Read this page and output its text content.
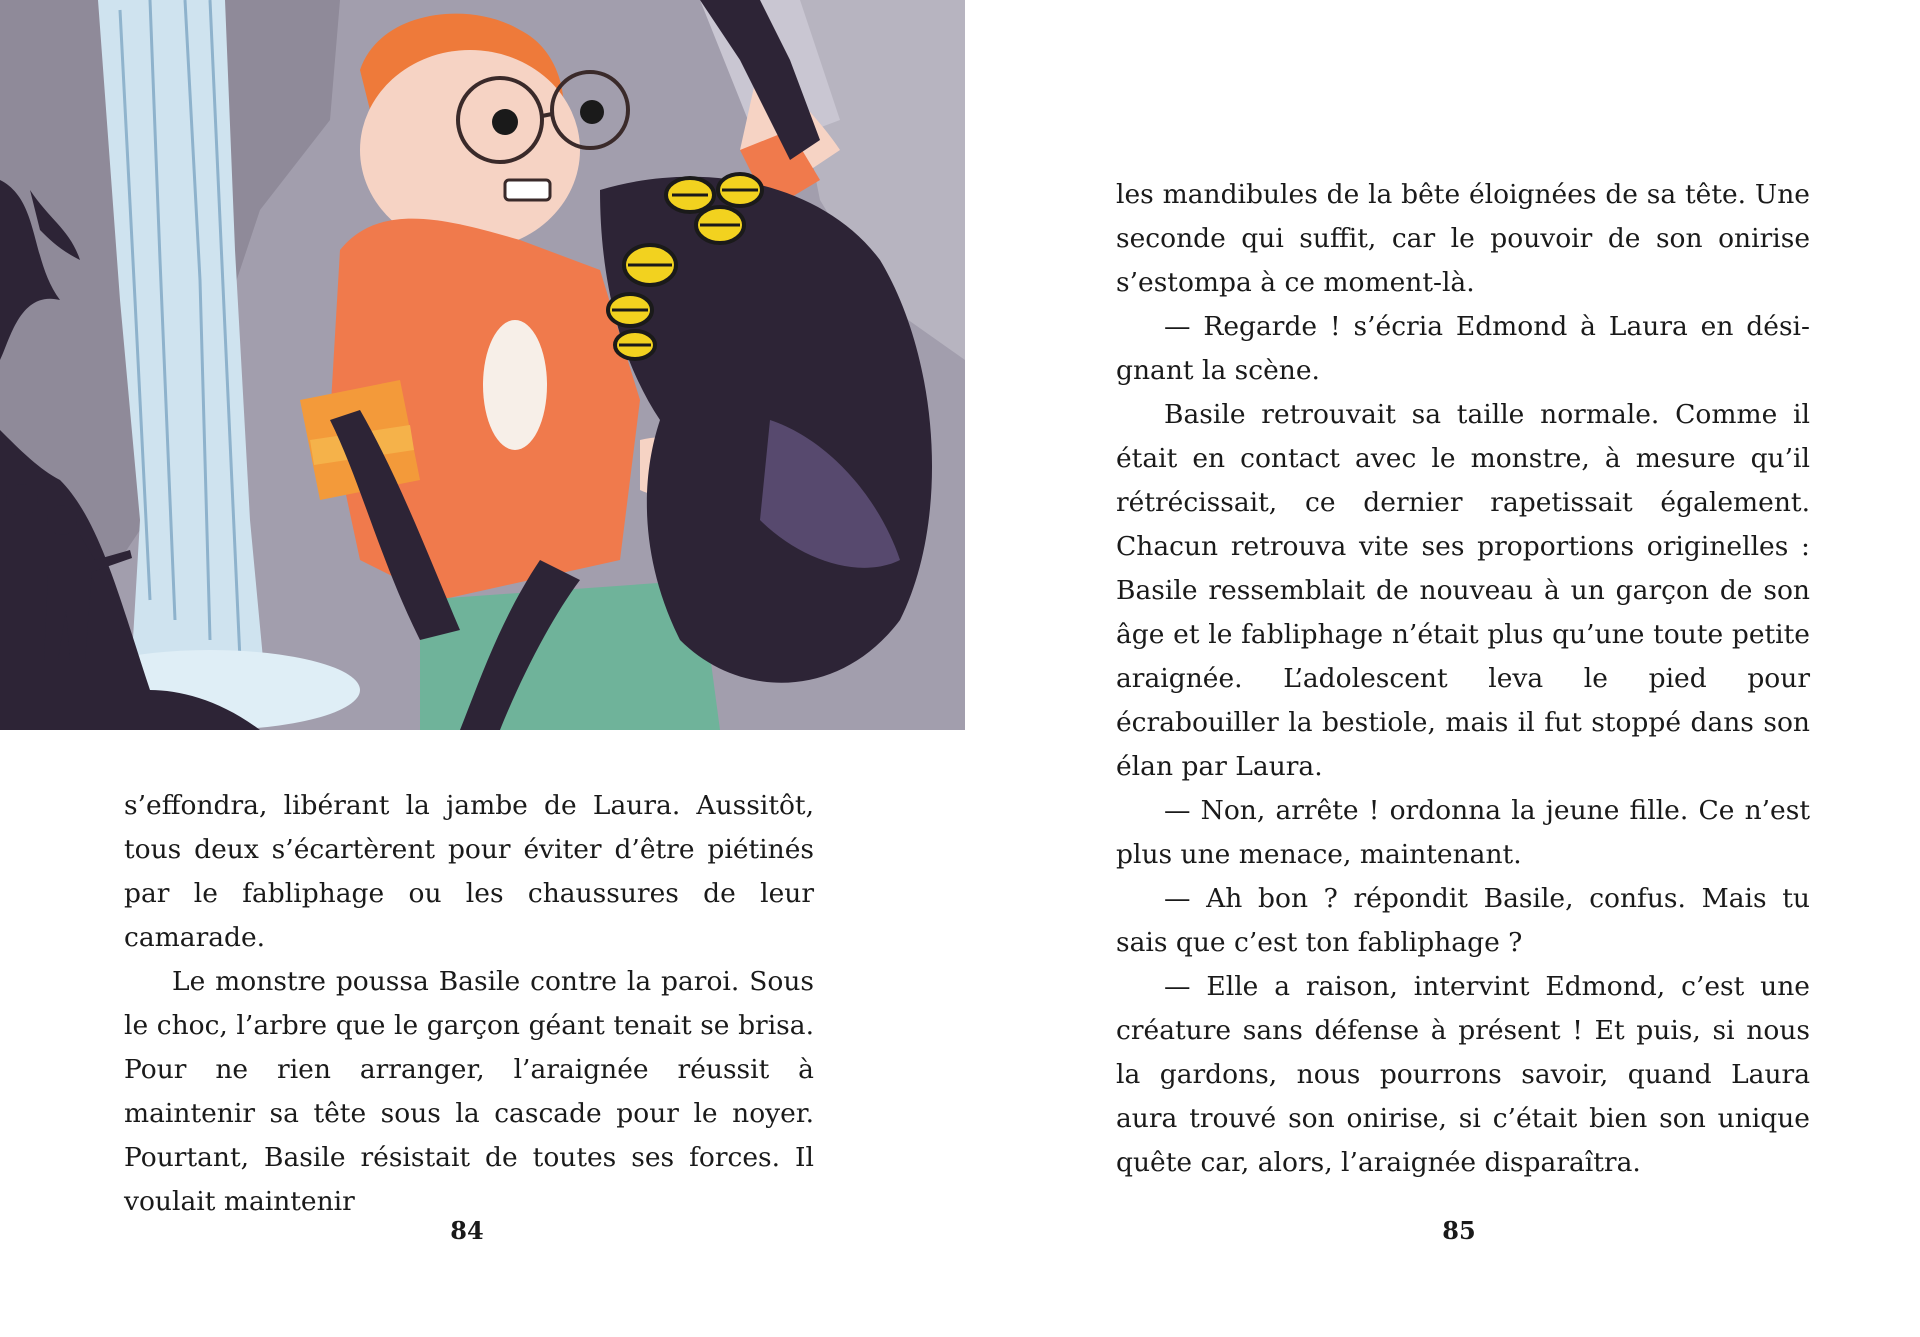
s’effondra, libérant la jambe de Laura. Aussitôt, tous deux s’écartèrent pour éviter d’être piétinés par le fabliphage ou les chaussures de leur camarade.

Le monstre poussa Basile contre la paroi. Sous le choc, l’arbre que le garçon géant tenait se brisa. Pour ne rien arranger, l’araignée réussit à maintenir sa tête sous la cascade pour le noyer. Pourtant, Basile résistait de toutes ses forces. Il voulait maintenir

les mandibules de la bête éloignées de sa tête. Une seconde qui suffit, car le pouvoir de son onirise s’estompa à ce moment-là.

— Regarde ! s’écria Edmond à Laura en désignant la scène.

Basile retrouvait sa taille normale. Comme il était en contact avec le monstre, à mesure qu’il rétrécissait, ce dernier rapetissait également. Chacun retrouva vite ses proportions originelles : Basile ressemblait de nouveau à un garçon de son âge et le fabliphage n’était plus qu’une toute petite araignée. L’adolescent leva le pied pour écrabouiller la bestiole, mais il fut stoppé dans son élan par Laura.

— Non, arrête ! ordonna la jeune fille. Ce n’est plus une menace, maintenant.

— Ah bon ? répondit Basile, confus. Mais tu sais que c’est ton fabliphage ?

— Elle a raison, intervint Edmond, c’est une créature sans défense à présent ! Et puis, si nous la gardons, nous pourrons savoir, quand Laura aura trouvé son onirise, si c’était bien son unique quête car, alors, l’araignée disparaîtra.

84	85
